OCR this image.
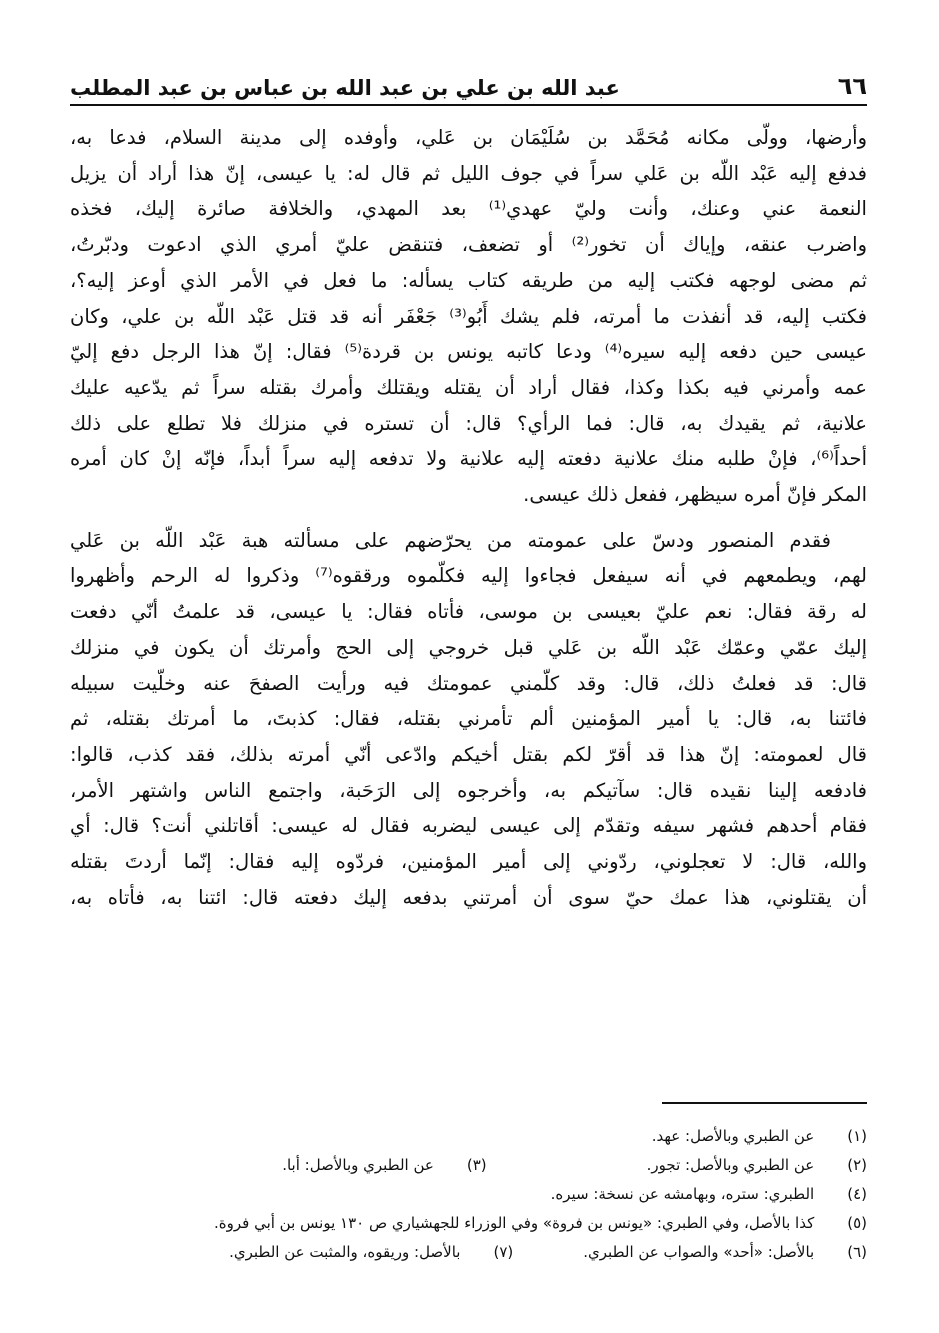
٦٦
عبد الله بن علي بن عبد الله بن عباس بن عبد المطلب
وأرضها، وولّى مكانه مُحَمَّد بن سُلَيْمَان بن عَلي، وأوفده إلى مدينة السلام، فدعا به،
فدفع إليه عَبْد اللّه بن عَلي سراً في جوف الليل ثم قال له: يا عيسى، إنّ هذا أراد أن يزيل
النعمة عني وعنك، وأنت وليّ عهدي⁽¹⁾ بعد المهدي، والخلافة صائرة إليك، فخذه
واضرب عنقه، وإياك أن تخور⁽²⁾ أو تضعف، فتنقض عليّ أمري الذي ادعوت ودبّرتُ،
ثم مضى لوجهه فكتب إليه من طريقه كتاب يسأله: ما فعل في الأمر الذي أوعز إليه؟،
فكتب إليه، قد أنفذت ما أمرته، فلم يشك أَبُو⁽³⁾ جَعْفَر أنه قد قتل عَبْد اللّه بن علي، وكان
عيسى حين دفعه إليه سيره⁽⁴⁾ ودعا كاتبه يونس بن قردة⁽⁵⁾ فقال: إنّ هذا الرجل دفع إليّ
عمه وأمرني فيه بكذا وكذا، فقال أراد أن يقتله ويقتلك وأمرك بقتله سراً ثم يدّعيه عليك
علانية، ثم يقيدك به، قال: فما الرأي؟ قال: أن تستره في منزلك فلا تطلع على ذلك
أحداً⁽⁶⁾، فإنْ طلبه منك علانية دفعته إليه علانية ولا تدفعه إليه سراً أبداً، فإنّه إنْ كان أمره
المكر فإنّ أمره سيظهر، ففعل ذلك عيسى.
فقدم المنصور ودسّ على عمومته من يحرّضهم على مسألته هبة عَبْد اللّه بن عَلي
لهم، ويطمعهم في أنه سيفعل فجاءوا إليه فكلّموه ورققوه⁽⁷⁾ وذكروا له الرحم وأظهروا
له رقة فقال: نعم عليّ بعيسى بن موسى، فأتاه فقال: يا عيسى، قد علمتُ أنّي دفعت
إليك عمّي وعمّك عَبْد اللّه بن عَلي قبل خروجي إلى الحج وأمرتك أن يكون في منزلك
قال: قد فعلتُ ذلك، قال: وقد كلّمني عمومتك فيه ورأيت الصفحَ عنه وخلّيت سبيله
فائتنا به، قال: يا أمير المؤمنين ألم تأمرني بقتله، فقال: كذبتَ، ما أمرتك بقتله، ثم
قال لعمومته: إنّ هذا قد أقرّ لكم بقتل أخيكم وادّعى أنّي أمرته بذلك، فقد كذب، قالوا:
فادفعه إلينا نقيده قال: سآتيكم به، وأخرجوه إلى الرَحَبة، واجتمع الناس واشتهر الأمر،
فقام أحدهم فشهر سيفه وتقدّم إلى عيسى ليضربه فقال له عيسى: أقاتلني أنت؟ قال: أي
والله، قال: لا تعجلوني، ردّوني إلى أمير المؤمنين، فردّوه إليه فقال: إنّما أردتَ بقتله
أن يقتلوني، هذا عمك حيّ سوى أن أمرتني بدفعه إليك دفعته قال: ائتنا به، فأتاه به،
(١) عن الطبري وبالأصل: عهد.
(٢) عن الطبري وبالأصل: تجور.
(٣) عن الطبري وبالأصل: أبا.
(٤) الطبري: ستره، وبهامشه عن نسخة: سيره.
(٥) كذا بالأصل، وفي الطبري: «يونس بن فروة» وفي الوزراء للجهشياري ص ١٣٠ يونس بن أبي فروة.
(٦) بالأصل: «أحد» والصواب عن الطبري.
(٧) بالأصل: وريقوه، والمثبت عن الطبري.
